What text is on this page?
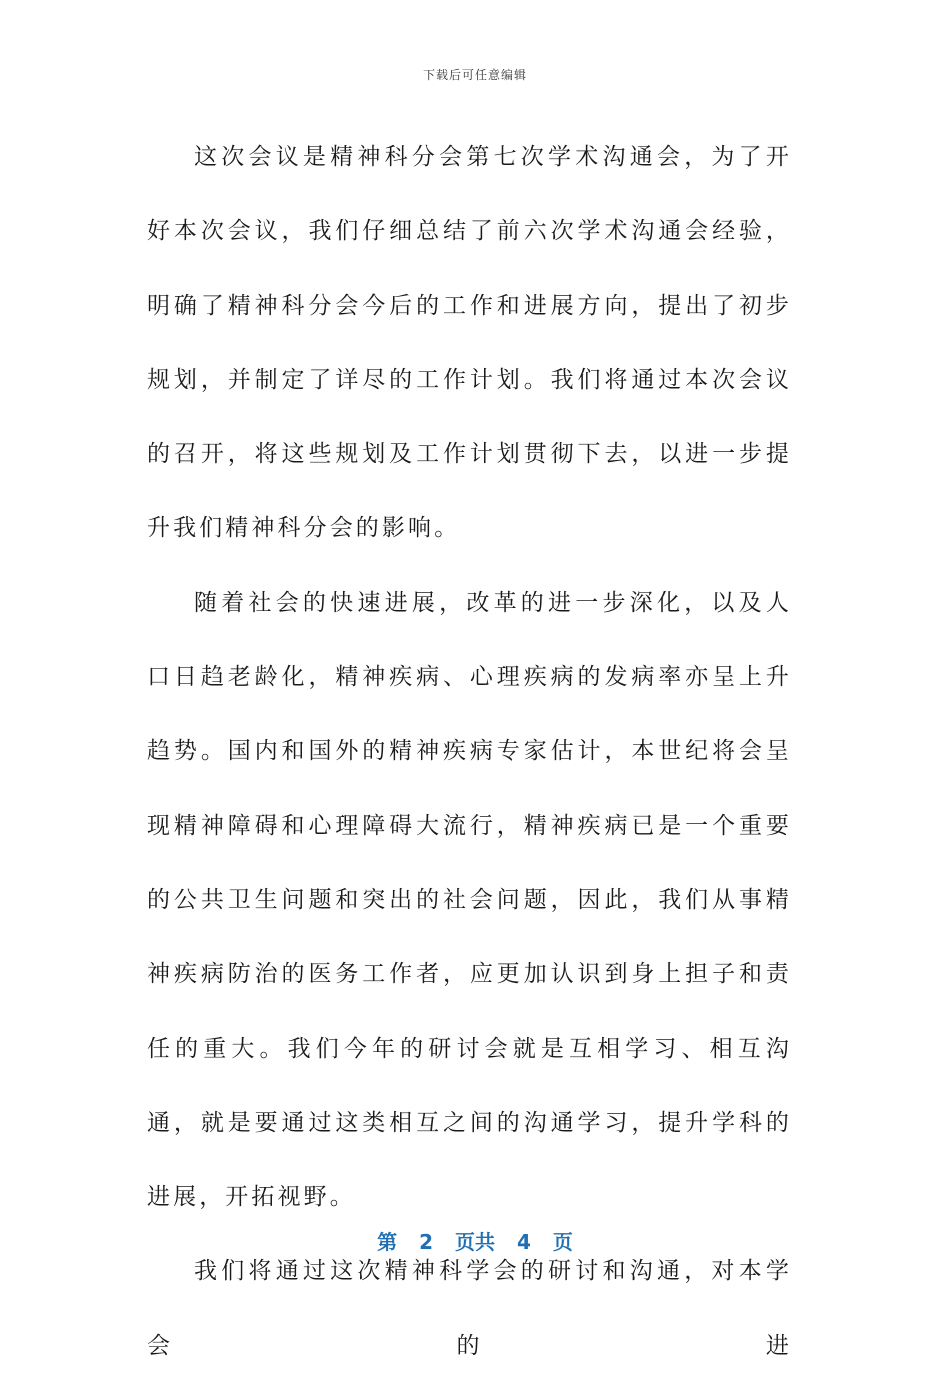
下载后可任意编辑

这次会议是精神科分会第七次学术沟通会，为了开好本次会议，我们仔细总结了前六次学术沟通会经验，明确了精神科分会今后的工作和进展方向，提出了初步规划，并制定了详尽的工作计划。我们将通过本次会议的召开，将这些规划及工作计划贯彻下去，以进一步提升我们精神科分会的影响。

随着社会的快速进展，改革的进一步深化，以及人口日趋老龄化，精神疾病、心理疾病的发病率亦呈上升趋势。国内和国外的精神疾病专家估计，本世纪将会呈现精神障碍和心理障碍大流行，精神疾病已是一个重要的公共卫生问题和突出的社会问题，因此，我们从事精神疾病防治的医务工作者，应更加认识到身上担子和责任的重大。我们今年的研讨会就是互相学习、相互沟通，就是要通过这类相互之间的沟通学习，提升学科的进展，开拓视野。

我们将通过这次精神科学会的研讨和沟通，对本学会的进

第 2 页共 4 页
